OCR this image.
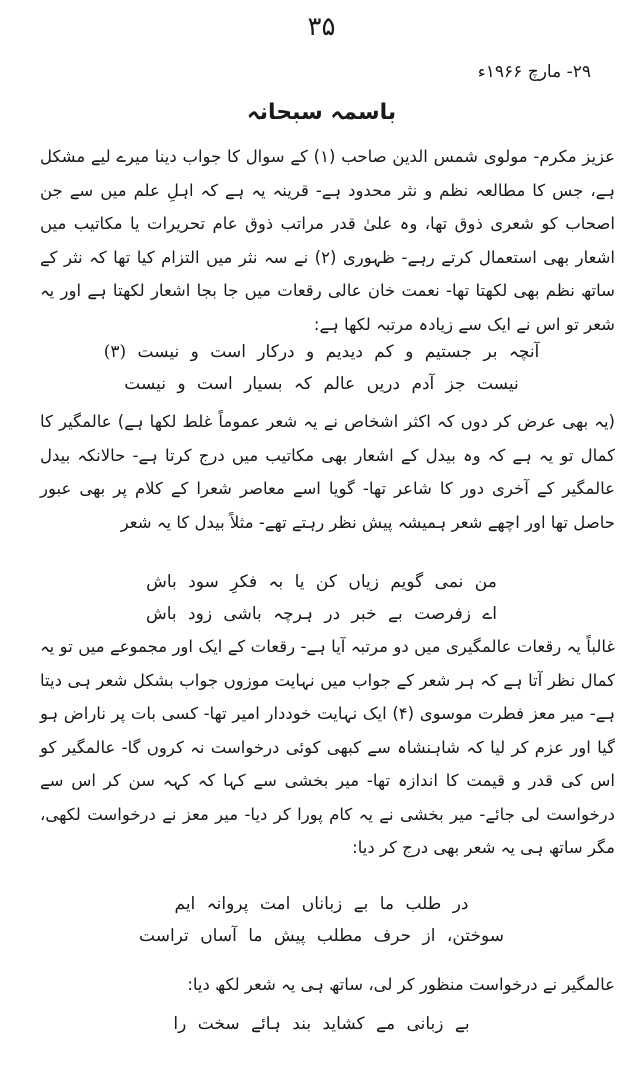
۳۵
۲۹- مارچ ۱۹۶۶ء
باسمہ سبحانہ

عزیز مکرم- مولوی شمس الدین صاحب (۱) کے سوال کا جواب دینا میرے لیے مشکل ہے، جس کا مطالعہ نظم و نثر محدود ہے- قرینہ یہ ہے کہ اہلِ علم میں سے جن اصحاب کو شعری ذوق تھا، وہ علیٰ قدر مراتب ذوق عام تحریرات یا مکاتیب میں اشعار بھی استعمال کرتے رہے- ظہوری (۲) نے سہ نثر میں التزام کیا تھا کہ نثر کے ساتھ نظم بھی لکھتا تھا- نعمت خان عالی رقعات میں جا بجا اشعار لکھتا ہے اور یہ شعر تو اس نے ایک سے زیادہ مرتبہ لکھا ہے:

آنچہ بر جستیم و کم دیدیم و درکار است و نیست (۳)
نیست جز آدم دریں عالم کہ بسیار است و نیست

(یہ بھی عرض کر دوں کہ اکثر اشخاص نے یہ شعر عموماً غلط لکھا ہے) عالمگیر کا کمال تو یہ ہے کہ وہ بیدل کے اشعار بھی مکاتیب میں درج کرتا ہے- حالانکہ بیدل عالمگیر کے آخری دور کا شاعر تھا- گویا اسے معاصر شعرا کے کلام پر بھی عبور حاصل تھا اور اچھے شعر ہمیشہ پیش نظر رہتے تھے- مثلاً بیدل کا یہ شعر

من نمی گویم زیاں کن یا بہ فکرِ سود باش
اے زفرصت بے خبر در ہرچہ باشی زود باش

غالباً یہ رقعات عالمگیری میں دو مرتبہ آیا ہے- رقعات کے ایک اور مجموعے میں تو یہ کمال نظر آتا ہے کہ ہر شعر کے جواب میں نہایت موزوں جواب بشکل شعر ہی دیتا ہے- میر معز فطرت موسوی (۴) ایک نہایت خوددار امیر تھا- کسی بات پر ناراض ہو گیا اور عزم کر لیا کہ شاہنشاہ سے کبھی کوئی درخواست نہ کروں گا- عالمگیر کو اس کی قدر و قیمت کا اندازہ تھا- میر بخشی سے کہا کہ کہہ سن کر اس سے درخواست لی جائے- میر بخشی نے یہ کام پورا کر دیا- میر معز نے درخواست لکھی، مگر ساتھ ہی یہ شعر بھی درج کر دیا:

در طلب ما بے زباناں امت پروانہ ایم
سوختن، از حرف مطلب پیش ما آساں تراست

عالمگیر نے درخواست منظور کر لی، ساتھ ہی یہ شعر لکھ دیا:

بے زبانی مے کشاید بند ہائے سخت را
